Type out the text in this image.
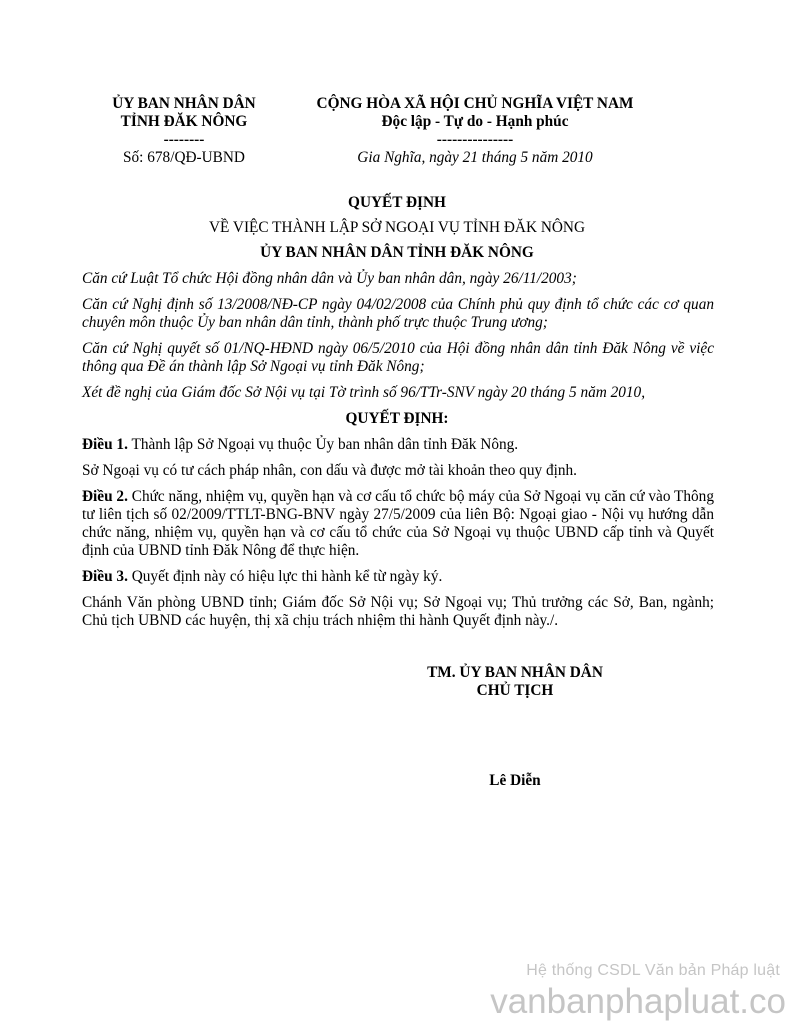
ỦY BAN NHÂN DÂN
TỈNH ĐĂK NÔNG
--------
Số: 678/QĐ-UBND
CỘNG HÒA XÃ HỘI CHỦ NGHĨA VIỆT NAM
Độc lập - Tự do - Hạnh phúc
---------------
Gia Nghĩa, ngày 21 tháng 5 năm 2010
QUYẾT ĐỊNH
VỀ VIỆC THÀNH LẬP SỞ NGOẠI VỤ TỈNH ĐĂK NÔNG
ỦY BAN NHÂN DÂN TỈNH ĐĂK NÔNG
Căn cứ Luật Tổ chức Hội đồng nhân dân và Ủy ban nhân dân, ngày 26/11/2003;
Căn cứ Nghị định số 13/2008/NĐ-CP ngày 04/02/2008 của Chính phủ quy định tổ chức các cơ quan chuyên môn thuộc Ủy ban nhân dân tỉnh, thành phố trực thuộc Trung ương;
Căn cứ Nghị quyết số 01/NQ-HĐND ngày 06/5/2010 của Hội đồng nhân dân tỉnh Đăk Nông về việc thông qua Đề án thành lập Sở Ngoại vụ tỉnh Đăk Nông;
Xét đề nghị của Giám đốc Sở Nội vụ tại Tờ trình số 96/TTr-SNV ngày 20 tháng 5 năm 2010,
QUYẾT ĐỊNH:
Điều 1. Thành lập Sở Ngoại vụ thuộc Ủy ban nhân dân tỉnh Đăk Nông.
Sở Ngoại vụ có tư cách pháp nhân, con dấu và được mở tài khoản theo quy định.
Điều 2. Chức năng, nhiệm vụ, quyền hạn và cơ cấu tổ chức bộ máy của Sở Ngoại vụ căn cứ vào Thông tư liên tịch số 02/2009/TTLT-BNG-BNV ngày 27/5/2009 của liên Bộ: Ngoại giao - Nội vụ hướng dẫn chức năng, nhiệm vụ, quyền hạn và cơ cấu tổ chức của Sở Ngoại vụ thuộc UBND cấp tỉnh và Quyết định của UBND tỉnh Đăk Nông để thực hiện.
Điều 3. Quyết định này có hiệu lực thi hành kể từ ngày ký.
Chánh Văn phòng UBND tỉnh; Giám đốc Sở Nội vụ; Sở Ngoại vụ; Thủ trưởng các Sở, Ban, ngành; Chủ tịch UBND các huyện, thị xã chịu trách nhiệm thi hành Quyết định này./.
TM. ỦY BAN NHÂN DÂN
CHỦ TỊCH
Lê Diễn
Hệ thống CSDL Văn bản Pháp luật
vanbanphapluat.co
